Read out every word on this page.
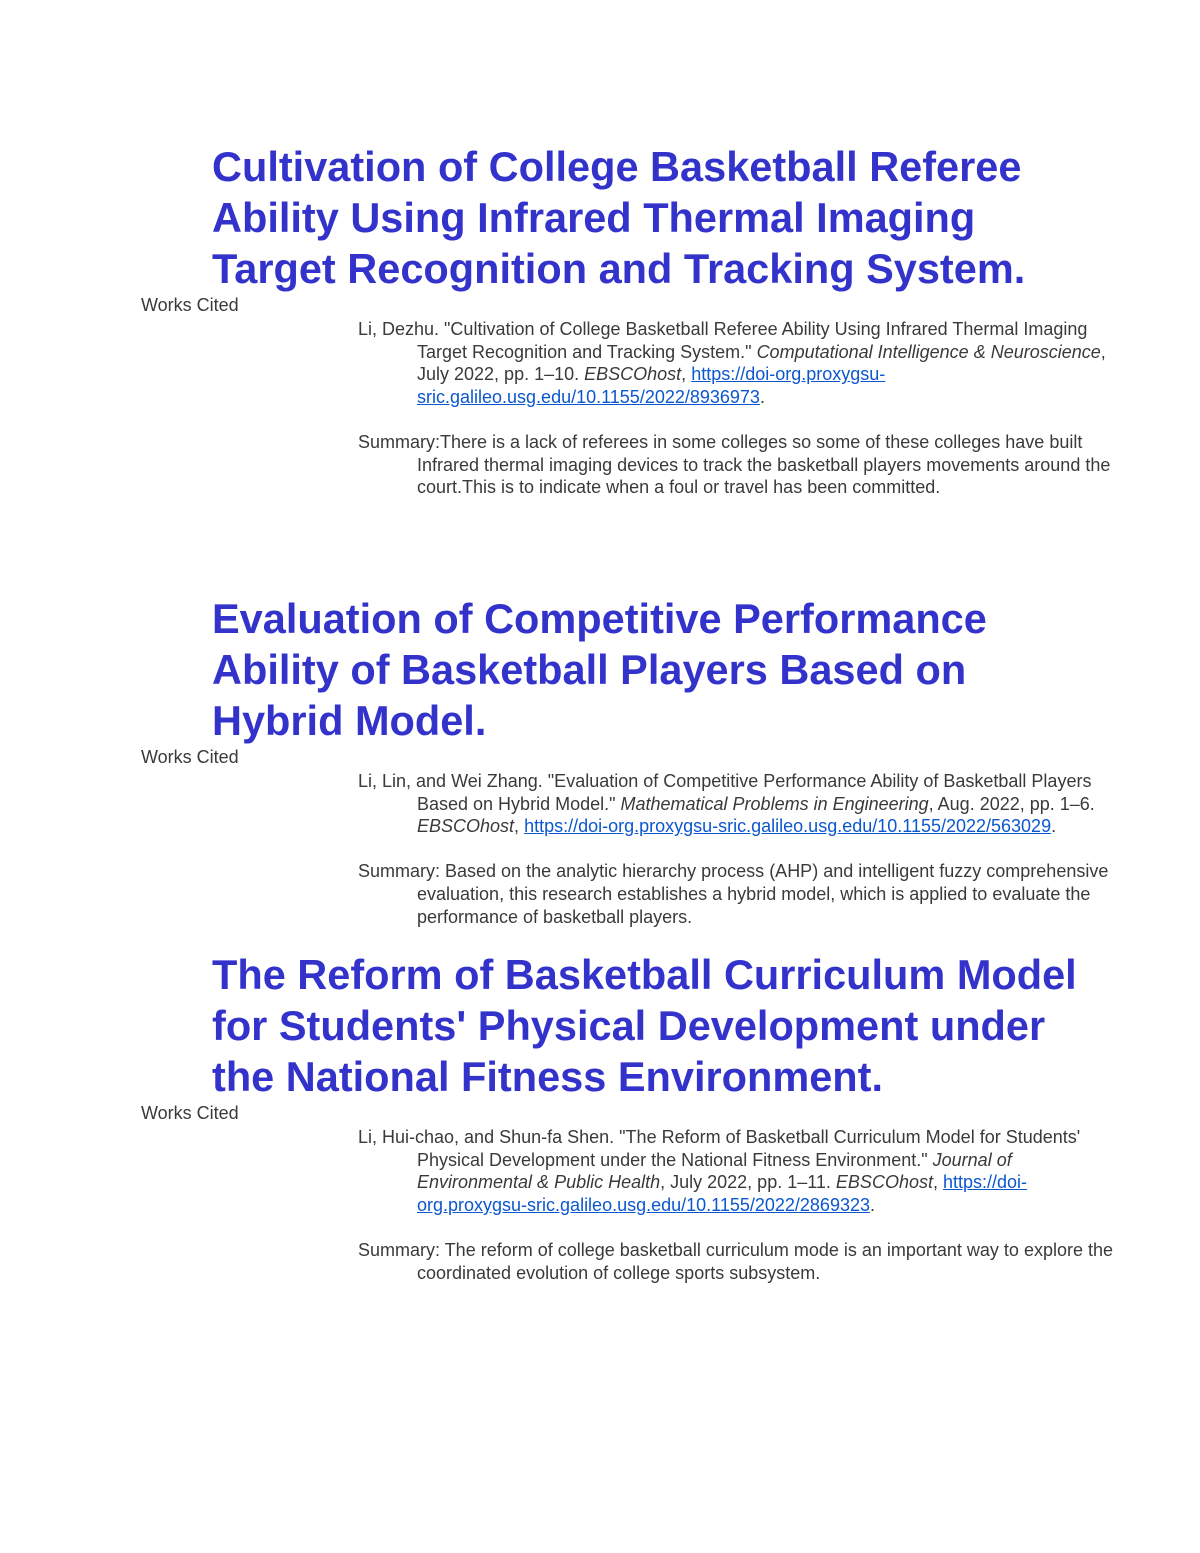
Cultivation of College Basketball Referee Ability Using Infrared Thermal Imaging Target Recognition and Tracking System.

Works Cited

Li, Dezhu. "Cultivation of College Basketball Referee Ability Using Infrared Thermal Imaging Target Recognition and Tracking System." Computational Intelligence & Neuroscience, July 2022, pp. 1–10. EBSCOhost, https://doi-org.proxygsu-sric.galileo.usg.edu/10.1155/2022/8936973.

Summary:There is a lack of referees in some colleges so some of these colleges have built Infrared thermal imaging devices to track the basketball players movements around the court.This is to indicate when a foul or travel has been committed.

Evaluation of Competitive Performance Ability of Basketball Players Based on Hybrid Model.

Works Cited

Li, Lin, and Wei Zhang. "Evaluation of Competitive Performance Ability of Basketball Players Based on Hybrid Model." Mathematical Problems in Engineering, Aug. 2022, pp. 1–6. EBSCOhost, https://doi-org.proxygsu-sric.galileo.usg.edu/10.1155/2022/563029.

Summary: Based on the analytic hierarchy process (AHP) and intelligent fuzzy comprehensive evaluation, this research establishes a hybrid model, which is applied to evaluate the performance of basketball players.

The Reform of Basketball Curriculum Model for Students' Physical Development under the National Fitness Environment.

Works Cited

Li, Hui-chao, and Shun-fa Shen. "The Reform of Basketball Curriculum Model for Students' Physical Development under the National Fitness Environment." Journal of Environmental & Public Health, July 2022, pp. 1–11. EBSCOhost, https://doi-org.proxygsu-sric.galileo.usg.edu/10.1155/2022/2869323.

Summary: The reform of college basketball curriculum mode is an important way to explore the coordinated evolution of college sports subsystem.
